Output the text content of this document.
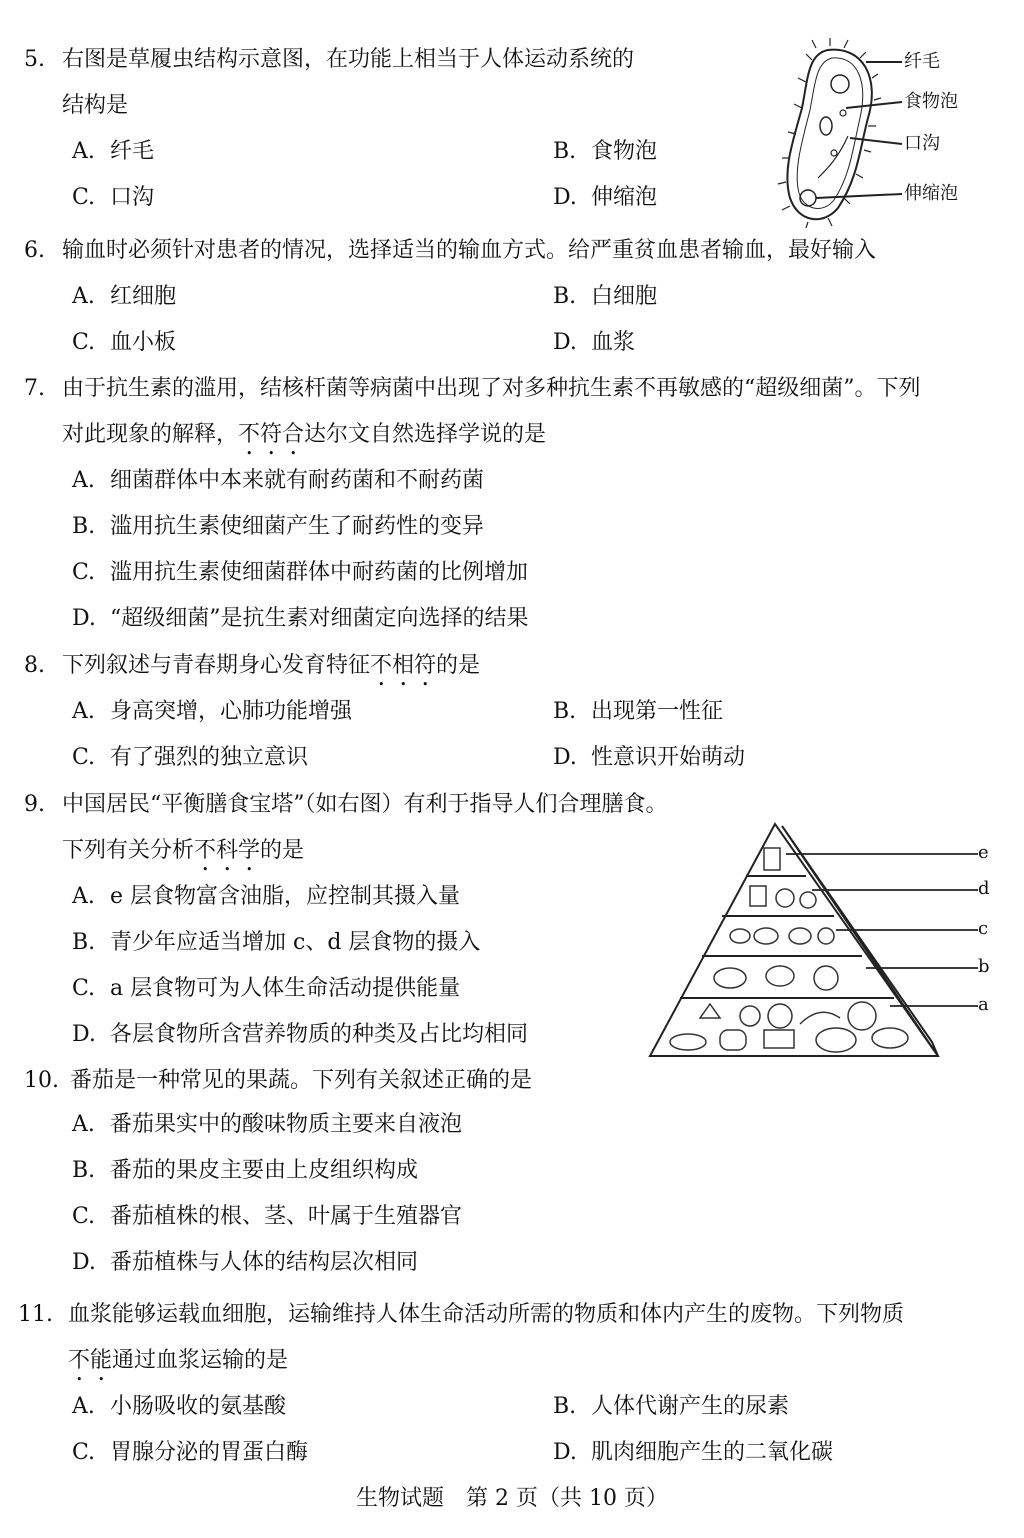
5. 右图是草履虫结构示意图，在功能上相当于人体运动系统的
结构是
A. 纤毛	B. 食物泡
C. 口沟	D. 伸缩泡
纤毛
食物泡
口沟
伸缩泡
6. 输血时必须针对患者的情况，选择适当的输血方式。给严重贫血患者输血，最好输入
A. 红细胞	B. 白细胞
C. 血小板	D. 血浆
7. 由于抗生素的滥用，结核杆菌等病菌中出现了对多种抗生素不再敏感的“超级细菌”。下列
对此现象的解释，不符合达尔文自然选择学说的是
A. 细菌群体中本来就有耐药菌和不耐药菌
B. 滥用抗生素使细菌产生了耐药性的变异
C. 滥用抗生素使细菌群体中耐药菌的比例增加
D. “超级细菌”是抗生素对细菌定向选择的结果
8. 下列叙述与青春期身心发育特征不相符的是
A. 身高突增，心肺功能增强	B. 出现第一性征
C. 有了强烈的独立意识	D. 性意识开始萌动
9. 中国居民“平衡膳食宝塔”（如右图）有利于指导人们合理膳食。
下列有关分析不科学的是
A. e 层食物富含油脂，应控制其摄入量
B. 青少年应适当增加 c、d 层食物的摄入
C. a 层食物可为人体生命活动提供能量
D. 各层食物所含营养物质的种类及占比均相同
e
d
c
b
a
10. 番茄是一种常见的果蔬。下列有关叙述正确的是
A. 番茄果实中的酸味物质主要来自液泡
B. 番茄的果皮主要由上皮组织构成
C. 番茄植株的根、茎、叶属于生殖器官
D. 番茄植株与人体的结构层次相同
11. 血浆能够运载血细胞，运输维持人体生命活动所需的物质和体内产生的废物。下列物质
不能通过血浆运输的是
A. 小肠吸收的氨基酸	B. 人体代谢产生的尿素
C. 胃腺分泌的胃蛋白酶	D. 肌肉细胞产生的二氧化碳
生物试题　第 2 页（共 10 页）
